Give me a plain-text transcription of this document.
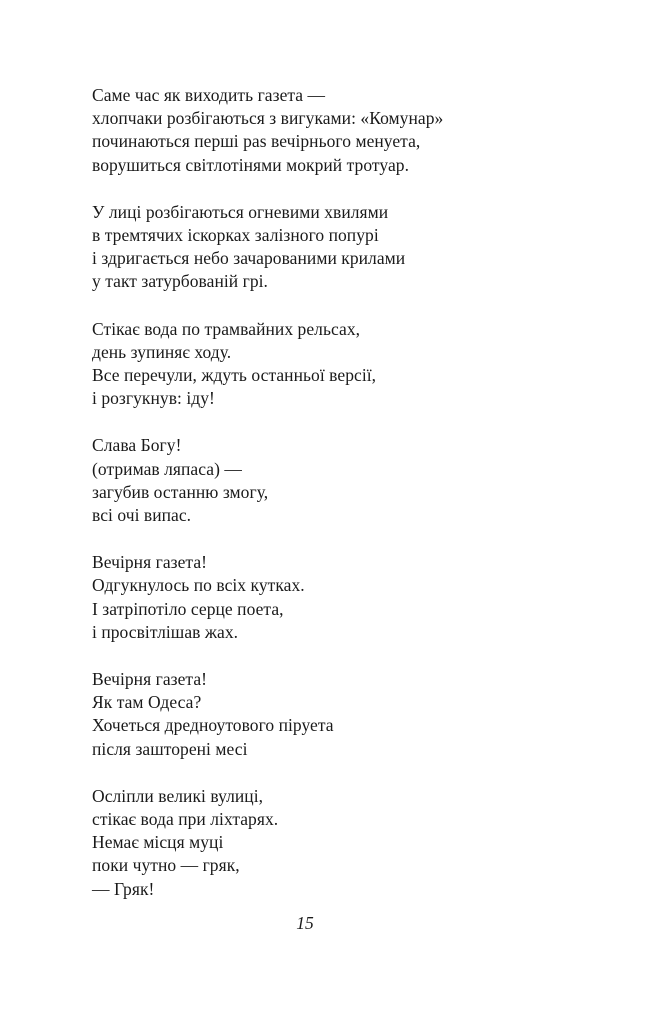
Саме час як виходить газета —
хлопчаки розбігаються з вигуками: «Комунар»
починаються перші pas вечірнього менуета,
ворушиться світлотінями мокрий тротуар.
У лиці розбігаються огневими хвилями
в тремтячих іскорках залізного попурі
і здригається небо зачарованими крилами
у такт затурбованій грі.
Стікає вода по трамвайних рельсах,
день зупиняє ходу.
Все перечули, ждуть останньої версії,
і розгукнув: іду!
Слава Богу!
(отримав ляпаса) —
загубив останню змогу,
всі очі випас.
Вечірня газета!
Одгукнулось по всіх кутках.
І затріпотіло серце поета,
і просвітлішав жах.
Вечірня газета!
Як там Одеса?
Хочеться дредноутового піруета
після зашторені месі
Осліпли великі вулиці,
стікає вода при ліхтарях.
Немає місця муці
поки чутно — гряк,
— Гряк!
15
